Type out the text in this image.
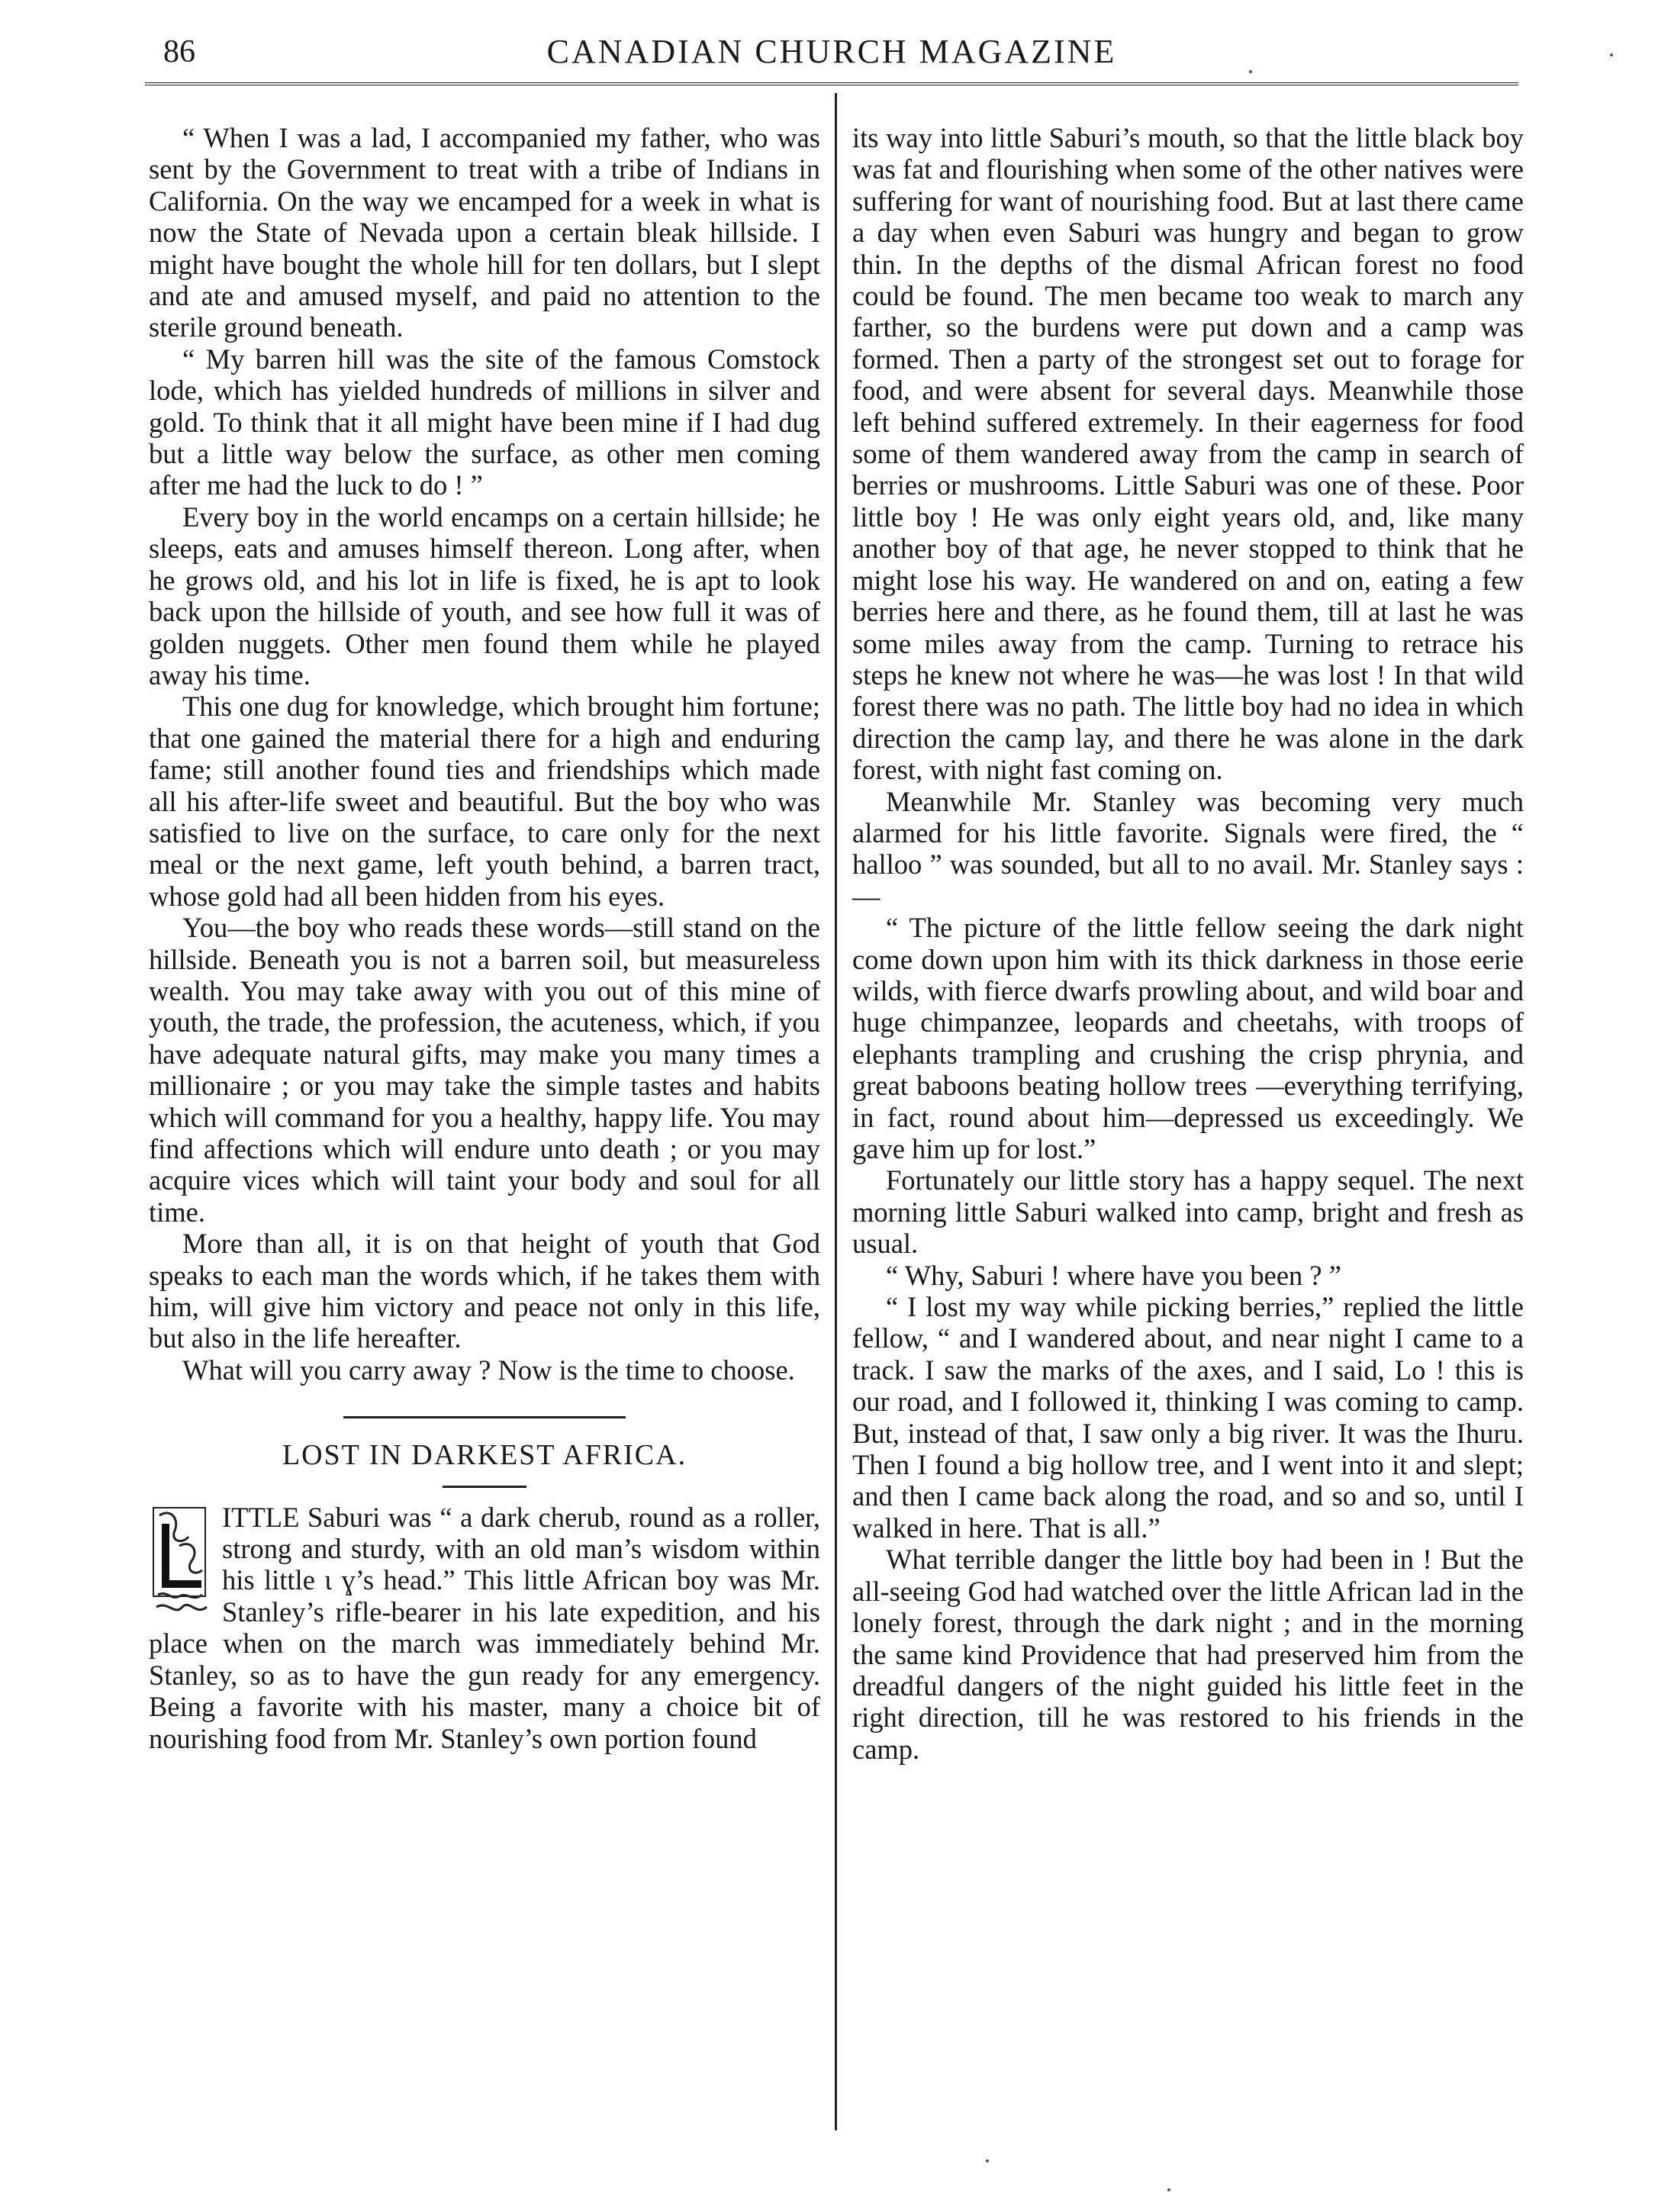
86	CANADIAN CHURCH MAGAZINE

“ When I was a lad, I accompanied my father, who was sent by the Government to treat with a tribe of Indians in California. On the way we encamped for a week in what is now the State of Nevada upon a certain bleak hillside. I might have bought the whole hill for ten dollars, but I slept and ate and amused myself, and paid no attention to the sterile ground beneath.

“ My barren hill was the site of the famous Comstock lode, which has yielded hundreds of millions in silver and gold. To think that it all might have been mine if I had dug but a little way below the surface, as other men coming after me had the luck to do ! ”

Every boy in the world encamps on a certain hillside; he sleeps, eats and amuses himself thereon. Long after, when he grows old, and his lot in life is fixed, he is apt to look back upon the hillside of youth, and see how full it was of golden nuggets. Other men found them while he played away his time.

This one dug for knowledge, which brought him fortune; that one gained the material there for a high and enduring fame; still another found ties and friendships which made all his after-life sweet and beautiful. But the boy who was satisfied to live on the surface, to care only for the next meal or the next game, left youth behind, a barren tract, whose gold had all been hidden from his eyes.

You—the boy who reads these words—still stand on the hillside. Beneath you is not a barren soil, but measureless wealth. You may take away with you out of this mine of youth, the trade, the profession, the acuteness, which, if you have adequate natural gifts, may make you many times a millionaire ; or you may take the simple tastes and habits which will command for you a healthy, happy life. You may find affections which will endure unto death ; or you may acquire vices which will taint your body and soul for all time.

More than all, it is on that height of youth that God speaks to each man the words which, if he takes them with him, will give him victory and peace not only in this life, but also in the life hereafter.

What will you carry away ? Now is the time to choose.

LOST IN DARKEST AFRICA.

ITTLE Saburi was “ a dark cherub, round as a roller, strong and sturdy, with an old man’s wisdom within his little ɩ ɣ’s head.” This little African boy was Mr. Stanley’s rifle-bearer in his late expedition, and his place when on the march was immediately behind Mr. Stanley, so as to have the gun ready for any emergency. Being a favorite with his master, many a choice bit of nourishing food from Mr. Stanley’s own portion found

its way into little Saburi’s mouth, so that the little black boy was fat and flourishing when some of the other natives were suffering for want of nourishing food. But at last there came a day when even Saburi was hungry and began to grow thin. In the depths of the dismal African forest no food could be found. The men became too weak to march any farther, so the burdens were put down and a camp was formed. Then a party of the strongest set out to forage for food, and were absent for several days. Meanwhile those left behind suffered extremely. In their eagerness for food some of them wandered away from the camp in search of berries or mushrooms. Little Saburi was one of these. Poor little boy ! He was only eight years old, and, like many another boy of that age, he never stopped to think that he might lose his way. He wandered on and on, eating a few berries here and there, as he found them, till at last he was some miles away from the camp. Turning to retrace his steps he knew not where he was—he was lost ! In that wild forest there was no path. The little boy had no idea in which direction the camp lay, and there he was alone in the dark forest, with night fast coming on.

Meanwhile Mr. Stanley was becoming very much alarmed for his little favorite. Signals were fired, the “ halloo ” was sounded, but all to no avail. Mr. Stanley says :—

“ The picture of the little fellow seeing the dark night come down upon him with its thick darkness in those eerie wilds, with fierce dwarfs prowling about, and wild boar and huge chimpanzee, leopards and cheetahs, with troops of elephants trampling and crushing the crisp phrynia, and great baboons beating hollow trees —everything terrifying, in fact, round about him—depressed us exceedingly. We gave him up for lost.”

Fortunately our little story has a happy sequel. The next morning little Saburi walked into camp, bright and fresh as usual.

“ Why, Saburi ! where have you been ? ”

“ I lost my way while picking berries,” replied the little fellow, “ and I wandered about, and near night I came to a track. I saw the marks of the axes, and I said, Lo ! this is our road, and I followed it, thinking I was coming to camp. But, instead of that, I saw only a big river. It was the Ihuru. Then I found a big hollow tree, and I went into it and slept; and then I came back along the road, and so and so, until I walked in here. That is all.”

What terrible danger the little boy had been in ! But the all-seeing God had watched over the little African lad in the lonely forest, through the dark night ; and in the morning the same kind Providence that had preserved him from the dreadful dangers of the night guided his little feet in the right direction, till he was restored to his friends in the camp.
